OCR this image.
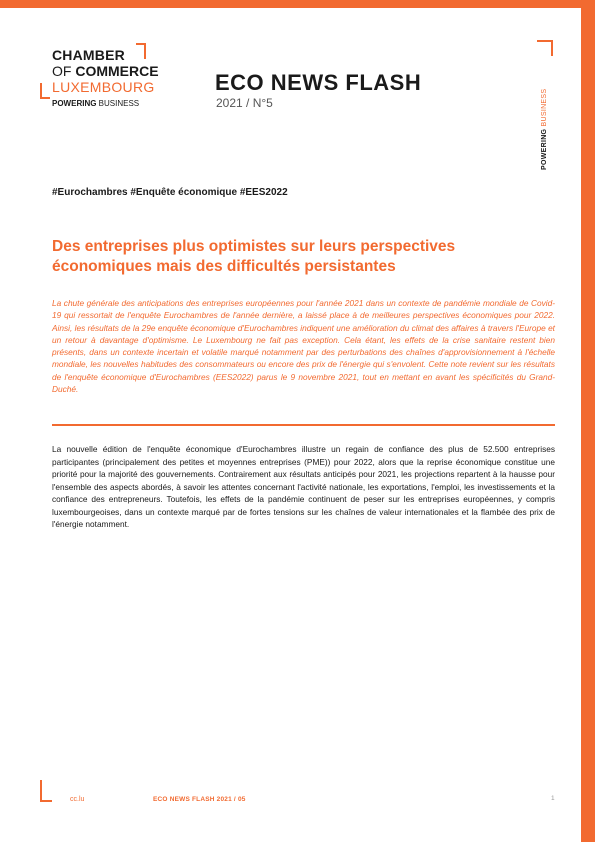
CHAMBER
OF COMMERCE
LUXEMBOURG
POWERING BUSINESS
ECO NEWS FLASH
2021 / N°5
POWERING BUSINESS
#Eurochambres #Enquête économique #EES2022
Des entreprises plus optimistes sur leurs perspectives économiques mais des difficultés persistantes
La chute générale des anticipations des entreprises européennes pour l'année 2021 dans un contexte de pandémie mondiale de Covid-19 qui ressortait de l'enquête Eurochambres de l'année dernière, a laissé place à de meilleures perspectives économiques pour 2022. Ainsi, les résultats de la 29e enquête économique d'Eurochambres indiquent une amélioration du climat des affaires à travers l'Europe et un retour à davantage d'optimisme. Le Luxembourg ne fait pas exception. Cela étant, les effets de la crise sanitaire restent bien présents, dans un contexte incertain et volatile marqué notamment par des perturbations des chaînes d'approvisionnement à l'échelle mondiale, les nouvelles habitudes des consommateurs ou encore des prix de l'énergie qui s'envolent. Cette note revient sur les résultats de l'enquête économique d'Eurochambres (EES2022) parus le 9 novembre 2021, tout en mettant en avant les spécificités du Grand-Duché.
La nouvelle édition de l'enquête économique d'Eurochambres illustre un regain de confiance des plus de 52.500 entreprises participantes (principalement des petites et moyennes entreprises (PME)) pour 2022, alors que la reprise économique constitue une priorité pour la majorité des gouvernements. Contrairement aux résultats anticipés pour 2021, les projections repartent à la hausse pour l'ensemble des aspects abordés, à savoir les attentes concernant l'activité nationale, les exportations, l'emploi, les investissements et la confiance des entrepreneurs. Toutefois, les effets de la pandémie continuent de peser sur les entreprises européennes, y compris luxembourgeoises, dans un contexte marqué par de fortes tensions sur les chaînes de valeur internationales et la flambée des prix de l'énergie notamment.
cc.lu	ECO NEWS FLASH 2021 / 05	1
